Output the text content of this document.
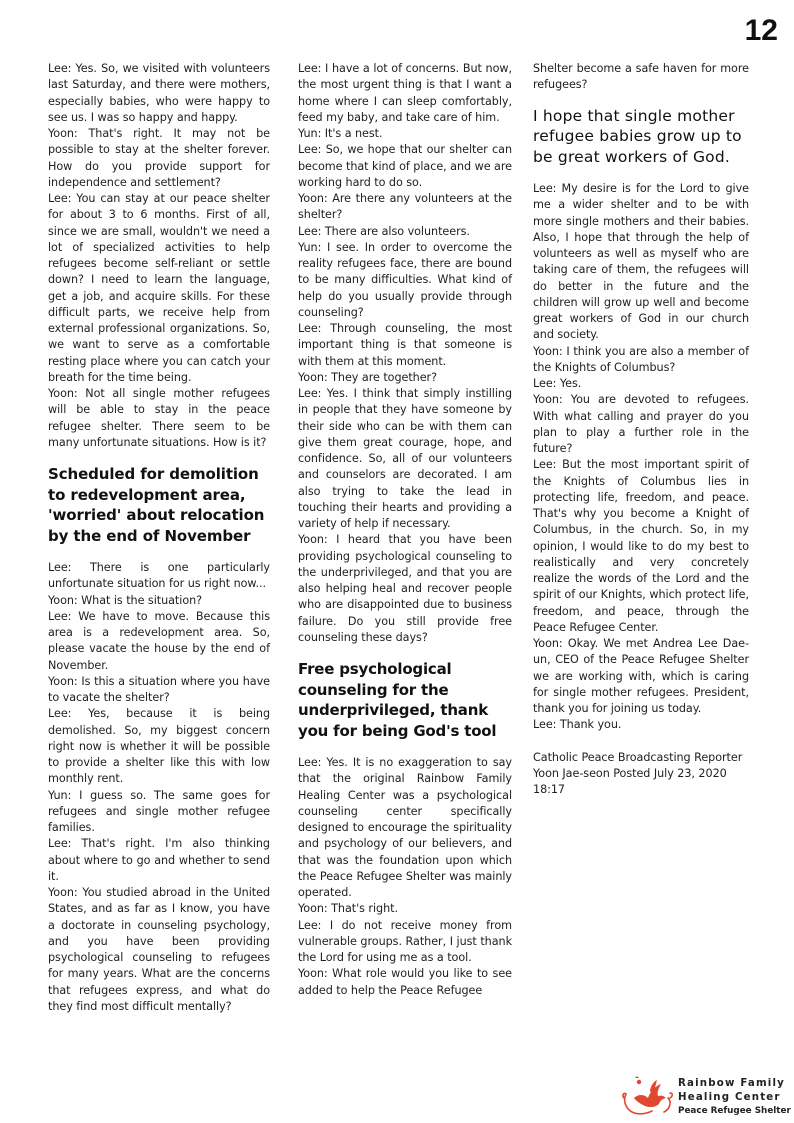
12

Lee: Yes. So, we visited with volunteers last Saturday, and there were mothers, especially babies, who were happy to see us. I was so happy and happy.

Yoon: That's right. It may not be possible to stay at the shelter forever. How do you provide support for independence and settlement?

Lee: You can stay at our peace shelter for about 3 to 6 months. First of all, since we are small, wouldn't we need a lot of specialized activities to help refugees become self-reliant or settle down? I need to learn the language, get a job, and acquire skills. For these difficult parts, we receive help from external professional organizations. So, we want to serve as a comfortable resting place where you can catch your breath for the time being.

Yoon: Not all single mother refugees will be able to stay in the peace refugee shelter. There seem to be many unfortunate situations. How is it?

Scheduled for demolition to redevelopment area, 'worried' about relocation by the end of November

Lee: There is one particularly unfortunate situation for us right now...

Yoon: What is the situation?

Lee: We have to move. Because this area is a redevelopment area. So, please vacate the house by the end of November.

Yoon: Is this a situation where you have to vacate the shelter?

Lee: Yes, because it is being demolished. So, my biggest concern right now is whether it will be possible to provide a shelter like this with low monthly rent.

Yun: I guess so. The same goes for refugees and single mother refugee families.

Lee: That's right. I'm also thinking about where to go and whether to send it.

Yoon: You studied abroad in the United States, and as far as I know, you have a doctorate in counseling psychology, and you have been providing psychological counseling to refugees for many years. What are the concerns that refugees express, and what do they find most difficult mentally?

Lee: I have a lot of concerns. But now, the most urgent thing is that I want a home where I can sleep comfortably, feed my baby, and take care of him.

Yun: It's a nest.

Lee: So, we hope that our shelter can become that kind of place, and we are working hard to do so.

Yoon: Are there any volunteers at the shelter?

Lee: There are also volunteers.

Yun: I see. In order to overcome the reality refugees face, there are bound to be many difficulties. What kind of help do you usually provide through counseling?

Lee: Through counseling, the most important thing is that someone is with them at this moment.

Yoon: They are together?

Lee: Yes. I think that simply instilling in people that they have someone by their side who can be with them can give them great courage, hope, and confidence. So, all of our volunteers and counselors are decorated. I am also trying to take the lead in touching their hearts and providing a variety of help if necessary.

Yoon: I heard that you have been providing psychological counseling to the underprivileged, and that you are also helping heal and recover people who are disappointed due to business failure. Do you still provide free counseling these days?

Free psychological counseling for the underprivileged, thank you for being God's tool

Lee: Yes. It is no exaggeration to say that the original Rainbow Family Healing Center was a psychological counseling center specifically designed to encourage the spirituality and psychology of our believers, and that was the foundation upon which the Peace Refugee Shelter was mainly operated.

Yoon: That's right.

Lee: I do not receive money from vulnerable groups. Rather, I just thank the Lord for using me as a tool.

Yoon: What role would you like to see added to help the Peace Refugee

Shelter become a safe haven for more refugees?

I hope that single mother refugee babies grow up to be great workers of God.

Lee: My desire is for the Lord to give me a wider shelter and to be with more single mothers and their babies. Also, I hope that through the help of volunteers as well as myself who are taking care of them, the refugees will do better in the future and the children will grow up well and become great workers of God in our church and society.

Yoon: I think you are also a member of the Knights of Columbus?

Lee: Yes.

Yoon: You are devoted to refugees. With what calling and prayer do you plan to play a further role in the future?

Lee: But the most important spirit of the Knights of Columbus lies in protecting life, freedom, and peace. That's why you become a Knight of Columbus, in the church. So, in my opinion, I would like to do my best to realistically and very concretely realize the words of the Lord and the spirit of our Knights, which protect life, freedom, and peace, through the Peace Refugee Center.

Yoon: Okay. We met Andrea Lee Dae-un, CEO of the Peace Refugee Shelter we are working with, which is caring for single mother refugees. President, thank you for joining us today.

Lee: Thank you.

Catholic Peace Broadcasting Reporter Yoon Jae-seon Posted July 23, 2020 18:17

Rainbow Family
Healing Center
Peace Refugee Shelter
